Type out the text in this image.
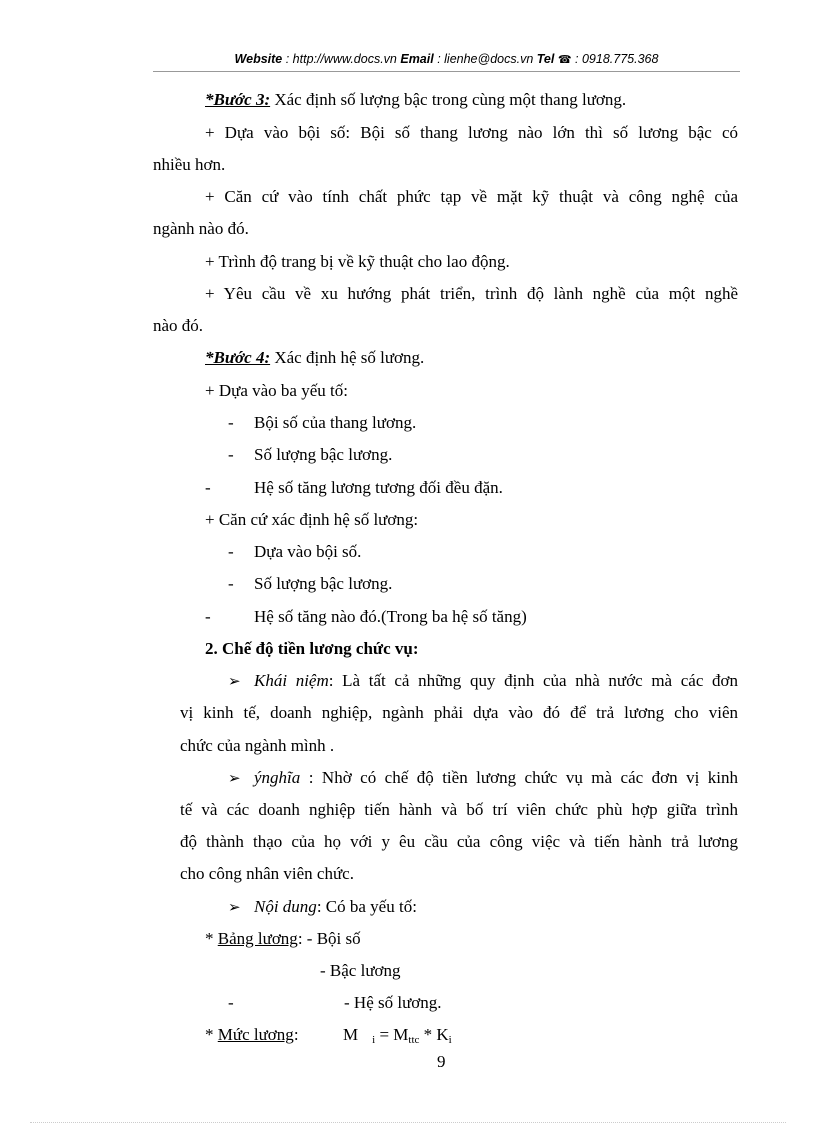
Website : http://www.docs.vn Email : lienhe@docs.vn Tel ☎ : 0918.775.368
*Bước 3: Xác định số lượng bậc trong cùng một thang lương.
+ Dựa vào bội số: Bội số thang lương nào lớn thì số lương bậc có
nhiều hơn.
+ Căn cứ vào tính chất phức tạp về mặt kỹ thuật và công nghệ của
ngành nào đó.
+ Trình độ trang bị về kỹ thuật cho lao động.
+ Yêu cầu về xu hướng phát triển, trình độ lành nghề của một nghề
nào đó.
*Bước 4: Xác định hệ số lương.
+ Dựa vào ba yếu tố:
- Bội số của thang lương.
- Số lượng bậc lương.
-	Hệ số tăng lương tương đối đều đặn.
+ Căn cứ xác định hệ số lương:
- Dựa vào bội số.
- Số lượng bậc lương.
-	Hệ số tăng nào đó.(Trong ba hệ số tăng)
2. Chế độ tiền lương chức vụ:
➢ Khái niệm: Là tất cả những quy định của nhà nước mà các đơn
vị kinh tế, doanh nghiệp, ngành phải dựa vào đó để trả lương cho viên
chức của ngành mình .
➢ ýnghĩa : Nhờ có chế độ tiền lương chức vụ mà các đơn vị kinh
tế và các doanh nghiệp tiến hành và bố trí viên chức phù hợp giữa trình
độ thành thạo của họ với y êu cầu của công việc và tiến hành trả lương
cho công nhân viên chức.
➢ Nội dung: Có ba yếu tố:
* Bảng lương: - Bội số
- Bậc lương
-	- Hệ số lương.
* Mức lương:	M $_i = M_{ttc} * K_i$
9
